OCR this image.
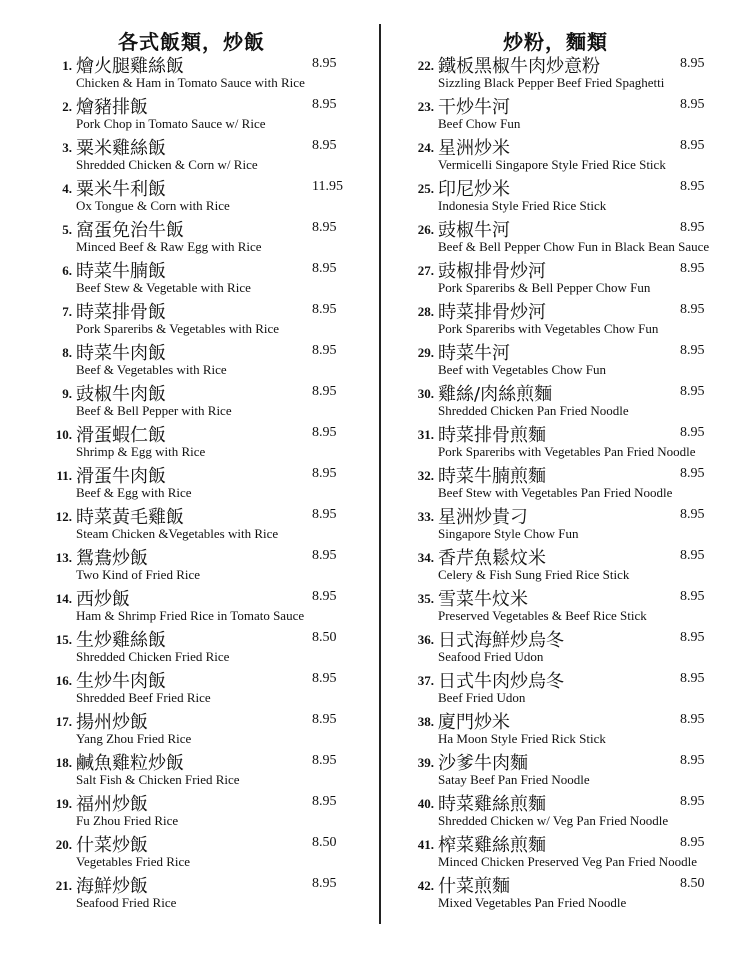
各式飯類，炒飯	炒粉，麵類
1. 燴火腿雞絲飯	8.95
Chicken & Ham in Tomato Sauce with Rice
2. 燴豬排飯	8.95
Pork Chop in Tomato Sauce w/ Rice
3. 粟米雞絲飯	8.95
Shredded Chicken & Corn w/ Rice
4. 粟米牛利飯	11.95
Ox Tongue & Corn with Rice
5. 窩蛋免治牛飯	8.95
Minced Beef & Raw Egg with Rice
6. 時菜牛腩飯	8.95
Beef Stew & Vegetable with Rice
7. 時菜排骨飯	8.95
Pork Spareribs & Vegetables with Rice
8. 時菜牛肉飯	8.95
Beef & Vegetables with Rice
9. 豉椒牛肉飯	8.95
Beef & Bell Pepper with Rice
10. 滑蛋蝦仁飯	8.95
Shrimp & Egg with Rice
11. 滑蛋牛肉飯	8.95
Beef & Egg with Rice
12. 時菜黃毛雞飯	8.95
Steam Chicken &Vegetables with Rice
13. 鴛鴦炒飯	8.95
Two Kind of Fried Rice
14. 西炒飯	8.95
Ham & Shrimp Fried Rice in Tomato Sauce
15. 生炒雞絲飯	8.50
Shredded Chicken Fried Rice
16. 生炒牛肉飯	8.95
Shredded Beef Fried Rice
17. 揚州炒飯	8.95
Yang Zhou Fried Rice
18. 鹹魚雞粒炒飯	8.95
Salt Fish & Chicken Fried Rice
19. 福州炒飯	8.95
Fu Zhou Fried Rice
20. 什菜炒飯	8.50
Vegetables Fried Rice
21. 海鮮炒飯	8.95
Seafood Fried Rice
22. 鐵板黑椒牛肉炒意粉	8.95
Sizzling Black Pepper Beef Fried Spaghetti
23. 干炒牛河	8.95
Beef Chow Fun
24. 星洲炒米	8.95
Vermicelli Singapore Style Fried Rice Stick
25. 印尼炒米	8.95
Indonesia Style Fried Rice Stick
26. 豉椒牛河	8.95
Beef & Bell Pepper Chow Fun in Black Bean Sauce
27. 豉椒排骨炒河	8.95
Pork Spareribs & Bell Pepper Chow Fun
28. 時菜排骨炒河	8.95
Pork Spareribs with Vegetables Chow Fun
29. 時菜牛河	8.95
Beef with Vegetables Chow Fun
30. 雞絲/肉絲煎麵	8.95
Shredded Chicken Pan Fried Noodle
31. 時菜排骨煎麵	8.95
Pork Spareribs with Vegetables Pan Fried Noodle
32. 時菜牛腩煎麵	8.95
Beef Stew with Vegetables Pan Fried Noodle
33. 星洲炒貴刁	8.95
Singapore Style Chow Fun
34. 香芹魚鬆炆米	8.95
Celery & Fish Sung Fried Rice Stick
35. 雪菜牛炆米	8.95
Preserved Vegetables & Beef Rice Stick
36. 日式海鮮炒烏冬	8.95
Seafood Fried Udon
37. 日式牛肉炒烏冬	8.95
Beef Fried Udon
38. 廈門炒米	8.95
Ha Moon Style Fried Rick Stick
39. 沙爹牛肉麵	8.95
Satay Beef Pan Fried Noodle
40. 時菜雞絲煎麵	8.95
Shredded Chicken w/ Veg Pan Fried Noodle
41. 榨菜雞絲煎麵	8.95
Minced Chicken Preserved Veg Pan Fried Noodle
42. 什菜煎麵	8.50
Mixed Vegetables Pan Fried Noodle
